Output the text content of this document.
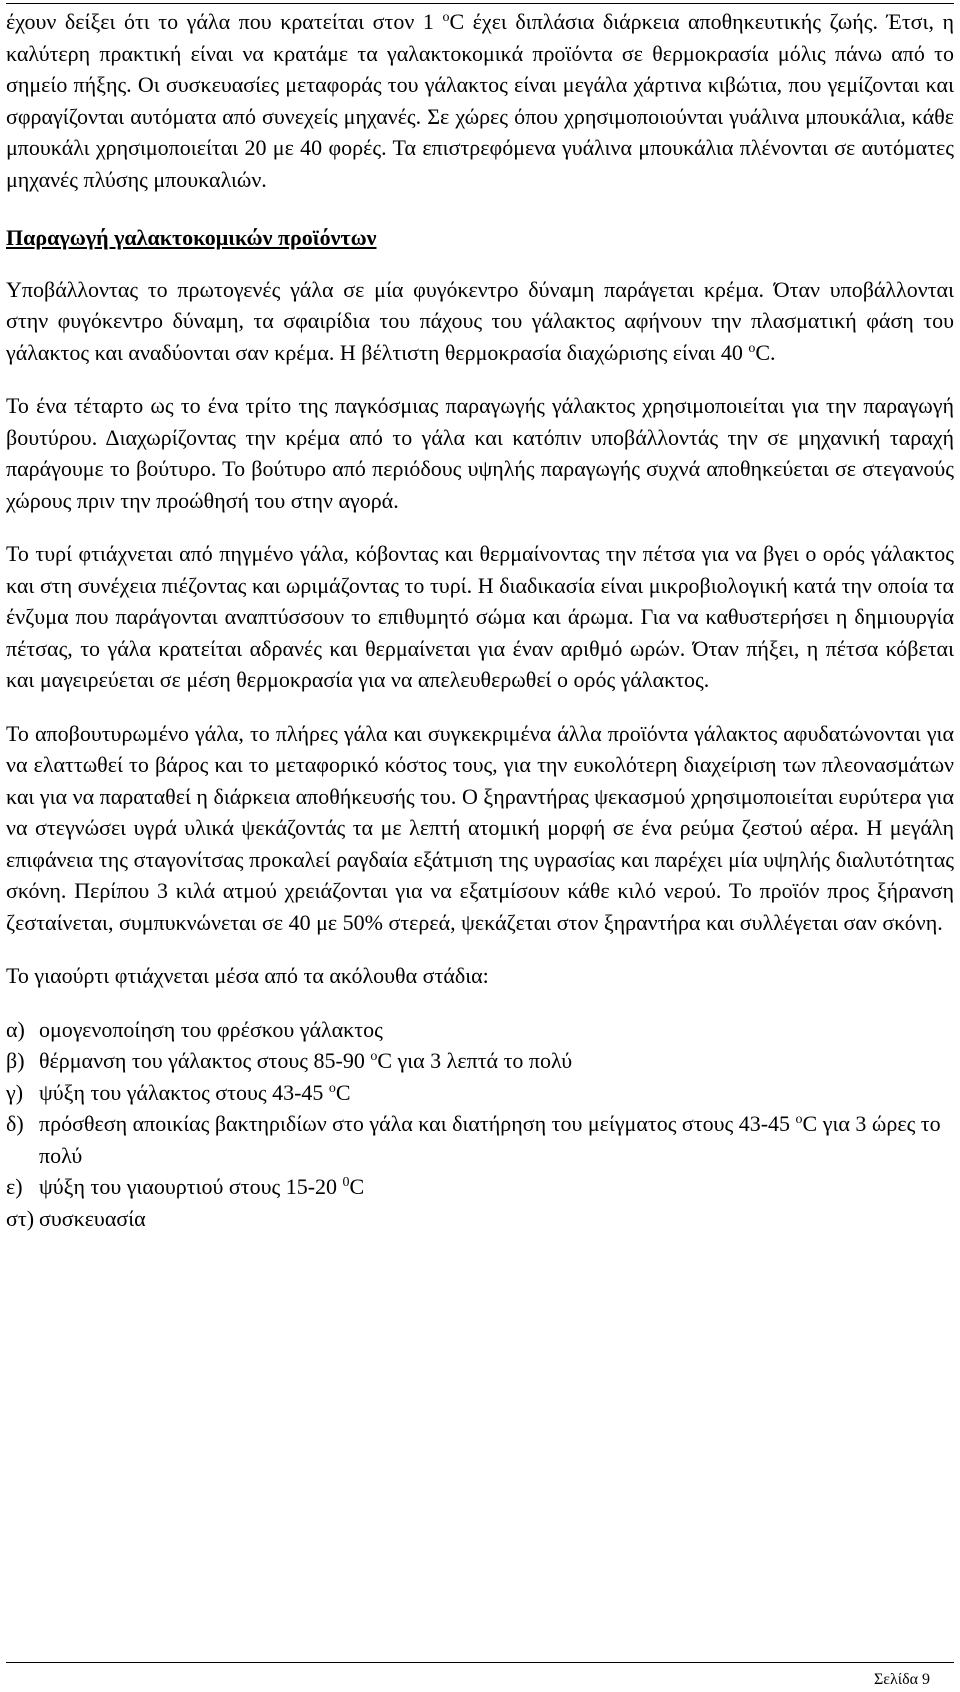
έχουν δείξει ότι το γάλα που κρατείται στον 1 $^o$C έχει διπλάσια διάρκεια αποθηκευτικής ζωής. Έτσι, η καλύτερη πρακτική είναι να κρατάμε τα γαλακτοκομικά προϊόντα σε θερμοκρασία μόλις πάνω από το σημείο πήξης. Οι συσκευασίες μεταφοράς του γάλακτος είναι μεγάλα χάρτινα κιβώτια, που γεμίζονται και σφραγίζονται αυτόματα από συνεχείς μηχανές. Σε χώρες όπου χρησιμοποιούνται γυάλινα μπουκάλια, κάθε μπουκάλι χρησιμοποιείται 20 με 40 φορές. Τα επιστρεφόμενα γυάλινα μπουκάλια πλένονται σε αυτόματες μηχανές πλύσης μπουκαλιών.

Παραγωγή γαλακτοκομικών προϊόντων

Υποβάλλοντας το πρωτογενές γάλα σε μία φυγόκεντρο δύναμη παράγεται κρέμα. Όταν υποβάλλονται στην φυγόκεντρο δύναμη, τα σφαιρίδια του πάχους του γάλακτος αφήνουν την πλασματική φάση του γάλακτος και αναδύονται σαν κρέμα. Η βέλτιστη θερμοκρασία διαχώρισης είναι 40 $^o$C.

Το ένα τέταρτο ως το ένα τρίτο της παγκόσμιας παραγωγής γάλακτος χρησιμοποιείται για την παραγωγή βουτύρου. Διαχωρίζοντας την κρέμα από το γάλα και κατόπιν υποβάλλοντάς την σε μηχανική ταραχή παράγουμε το βούτυρο. Το βούτυρο από περιόδους υψηλής παραγωγής συχνά αποθηκεύεται σε στεγανούς χώρους πριν την προώθησή του στην αγορά.

Το τυρί φτιάχνεται από πηγμένο γάλα, κόβοντας και θερμαίνοντας την πέτσα για να βγει ο ορός γάλακτος και στη συνέχεια πιέζοντας και ωριμάζοντας το τυρί. Η διαδικασία είναι μικροβιολογική κατά την οποία τα ένζυμα που παράγονται αναπτύσσουν το επιθυμητό σώμα και άρωμα. Για να καθυστερήσει η δημιουργία πέτσας, το γάλα κρατείται αδρανές και θερμαίνεται για έναν αριθμό ωρών. Όταν πήξει, η πέτσα κόβεται και μαγειρεύεται σε μέση θερμοκρασία για να απελευθερωθεί ο ορός γάλακτος.

Το αποβουτυρωμένο γάλα, το πλήρες γάλα και συγκεκριμένα άλλα προϊόντα γάλακτος αφυδατώνονται για να ελαττωθεί το βάρος και το μεταφορικό κόστος τους, για την ευκολότερη διαχείριση των πλεονασμάτων και για να παραταθεί η διάρκεια αποθήκευσής του. Ο ξηραντήρας ψεκασμού χρησιμοποιείται ευρύτερα για να στεγνώσει υγρά υλικά ψεκάζοντάς τα με λεπτή ατομική μορφή σε ένα ρεύμα ζεστού αέρα. Η μεγάλη επιφάνεια της σταγονίτσας προκαλεί ραγδαία εξάτμιση της υγρασίας και παρέχει μία υψηλής διαλυτότητας σκόνη. Περίπου 3 κιλά ατμού χρειάζονται για να εξατμίσουν κάθε κιλό νερού. Το προϊόν προς ξήρανση ζεσταίνεται, συμπυκνώνεται σε 40 με 50% στερεά, ψεκάζεται στον ξηραντήρα και συλλέγεται σαν σκόνη.

Το γιαούρτι φτιάχνεται μέσα από τα ακόλουθα στάδια:

α) ομογενοποίηση του φρέσκου γάλακτος
β) θέρμανση του γάλακτος στους 85-90 $^o$C για 3 λεπτά το πολύ
γ) ψύξη του γάλακτος στους 43-45 $^o$C
δ) πρόσθεση αποικίας βακτηριδίων στο γάλα και διατήρηση του μείγματος στους 43-45 $^o$C για 3 ώρες το πολύ
ε) ψύξη του γιαουρτιού στους 15-20 $^0$C
στ) συσκευασία
Σελίδα 9
